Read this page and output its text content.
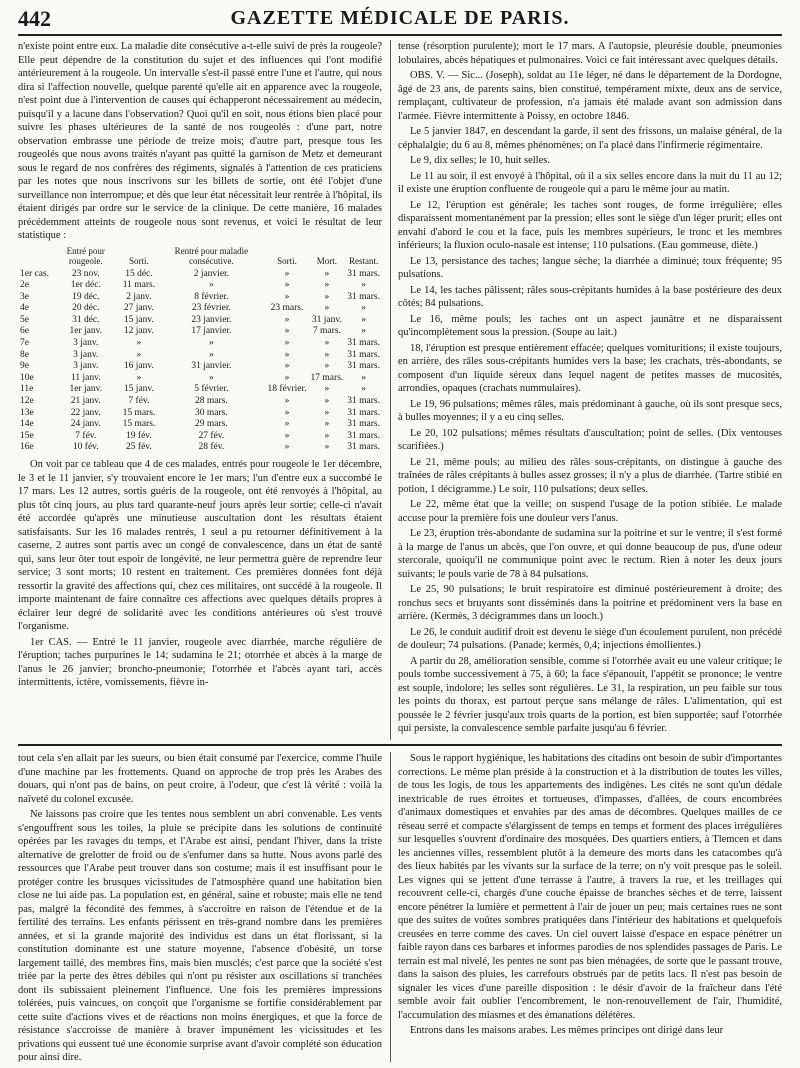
442	GAZETTE MÉDICALE DE PARIS.

n'existe point entre eux. La maladie dite consécutive a-t-elle suivi de près la rougeole? Elle peut dépendre de la constitution du sujet et des influences qui l'ont modifié antérieurement à la rougeole. Un intervalle s'est-il passé entre l'une et l'autre, qui nous dira si l'affection nouvelle, quelque parenté qu'elle ait en apparence avec la rougeole, n'est point due à l'intervention de causes qui échapperont nécessairement au médecin, puisqu'il y a lacune dans l'observation? Quoi qu'il en soit, nous étions bien placé pour suivre les phases ultérieures de la santé de nos rougeolés : d'une part, notre observation embrasse une période de treize mois; d'autre part, presque tous les rougeolés que nous avons traités n'ayant pas quitté la garnison de Metz et demeurant sous le regard de nos confrères des régiments, signalés à l'attention de ces praticiens par les notes que nous inscrivons sur les billets de sortie, ont été l'objet d'une surveillance non interrompue; et dès que leur état nécessitait leur rentrée à l'hôpital, ils étaient dirigés par ordre sur le service de la clinique. De cette manière, 16 malades précédemment atteints de rougeole nous sont revenus, et voici le résultat de leur statistique :

	Entré pour rougeole.	Sorti.	Rentré pour maladie consécutive.	Sorti.	Mort.	Restant.
1er cas.	23 nov.	15 déc.	2 janvier.	»	»	31 mars.
2e	1er déc.	11 mars.	»	»	»	»
3e	19 déc.	2 janv.	8 février.	»	»	31 mars.
4e	20 déc.	27 janv.	23 février.	23 mars.	»	»
5e	31 déc.	15 janv.	23 janvier.	»	31 janv.	»
6e	1er janv.	12 janv.	17 janvier.	»	7 mars.	»
7e	3 janv.	»	»	»	»	31 mars.
8e	3 janv.	»	»	»	»	31 mars.
9e	3 janv.	16 janv.	31 janvier.	»	»	31 mars.
10e	11 janv.	»	»	»	17 mars.	»
11e	1er janv.	15 janv.	5 février.	18 février.	»	»
12e	21 janv.	7 fév.	28 mars.	»	»	31 mars.
13e	22 janv.	15 mars.	30 mars.	»	»	31 mars.
14e	24 janv.	15 mars.	29 mars.	»	»	31 mars.
15e	7 fév.	19 fév.	27 fév.	»	»	31 mars.
16e	10 fév.	25 fév.	28 fév.	»	»	31 mars.

On voit par ce tableau que 4 de ces malades, entrés pour rougeole le 1er décembre, le 3 et le 11 janvier, s'y trouvaient encore le 1er mars; l'un d'entre eux a succombé le 17 mars. Les 12 autres, sortis guéris de la rougeole, ont été renvoyés à l'hôpital, au plus tôt cinq jours, au plus tard quarante-neuf jours après leur sortie; celle-ci n'avait été accordée qu'après une minutieuse auscultation dont les résultats étaient satisfaisants. Sur les 16 malades rentrés, 1 seul a pu retourner définitivement à la caserne, 2 autres sont partis avec un congé de convalescence, dans un état de santé qui, sans leur ôter tout espoir de longévité, ne leur permettra guère de reprendre leur service; 3 sont morts; 10 restent en traitement. Ces premières données font déjà ressortir la gravité des affections qui, chez ces militaires, ont succédé à la rougeole. Il importe maintenant de faire connaître ces affections avec quelques détails propres à éclairer leur degré de solidarité avec les conditions antérieures où s'est trouvé l'organisme.

1er CAS. — Entré le 11 janvier, rougeole avec diarrhée, marche régulière de l'éruption; taches purpurines le 14; sudamina le 21; otorrhée et abcès à la marge de l'anus le 26 janvier; broncho-pneumonie; l'otorrhée et l'abcès ayant tari, accès intermittents, ictère, vomissements, fièvre in-

tense (résorption purulente); mort le 17 mars. A l'autopsie, pleurésie double, pneumonies lobulaires, abcès hépatiques et pulmonaires. Voici ce fait intéressant avec quelques détails.

OBS. V. — Sic... (Joseph), soldat au 11e léger, né dans le département de la Dordogne, âgé de 23 ans, de parents sains, bien constitué, tempérament mixte, deux ans de service, remplaçant, cultivateur de profession, n'a jamais été malade avant son admission dans l'armée. Fièvre intermittente à Poissy, en octobre 1846.

Le 5 janvier 1847, en descendant la garde, il sent des frissons, un malaise général, de la céphalalgie; du 6 au 8, mêmes phénomènes; on l'a placé dans l'infirmerie régimentaire.

Le 9, dix selles; le 10, huit selles.

Le 11 au soir, il est envoyé à l'hôpital, où il a six selles encore dans la nuit du 11 au 12; il existe une éruption confluente de rougeole qui a paru le même jour au matin.

Le 12, l'éruption est générale; les taches sont rouges, de forme irrégulière; elles disparaissent momentanément par la pression; elles sont le siège d'un léger prurit; elles ont envahi d'abord le cou et la face, puis les membres supérieurs, le tronc et les membres inférieurs; la fluxion oculo-nasale est intense; 110 pulsations. (Eau gommeuse, diète.)

Le 13, persistance des taches; langue sèche; la diarrhée a diminué; toux fréquente; 95 pulsations.

Le 14, les taches pâlissent; râles sous-crépitants humides à la base postérieure des deux côtés; 84 pulsations.

Le 16, même pouls; les taches ont un aspect jaunâtre et ne disparaissent qu'incomplètement sous la pression. (Soupe au lait.)

18, l'éruption est presque entièrement effacée; quelques vomituritions; il existe toujours, en arrière, des râles sous-crépitants humides vers la base; les crachats, très-abondants, se composent d'un liquide séreux dans lequel nagent de petites masses de mucosités, arrondies, opaques (crachats nummulaires).

Le 19, 96 pulsations; mêmes râles, mais prédominant à gauche, où ils sont presque secs, à bulles moyennes; il y a eu cinq selles.

Le 20, 102 pulsations; mêmes résultats d'auscultation; point de selles. (Dix ventouses scarifiées.)

Le 21, même pouls; au milieu des râles sous-crépitants, on distingue à gauche des traînées de râles crépitants à bulles assez grosses; il n'y a plus de diarrhée. (Tartre stibié en potion, 1 décigramme.) Le soir, 110 pulsations; deux selles.

Le 22, même état que la veille; on suspend l'usage de la potion stibiée. Le malade accuse pour la première fois une douleur vers l'anus.

Le 23, éruption très-abondante de sudamina sur la poitrine et sur le ventre; il s'est formé à la marge de l'anus un abcès, que l'on ouvre, et qui donne beaucoup de pus, d'une odeur stercorale, quoiqu'il ne communique point avec le rectum. Rien à noter les deux jours suivants; le pouls varie de 78 à 84 pulsations.

Le 25, 90 pulsations; le bruit respiratoire est diminué postérieurement à droite; des ronchus secs et bruyants sont disséminés dans la poitrine et prédominent vers la base en arrière. (Kermès, 3 décigrammes dans un looch.)

Le 26, le conduit auditif droit est devenu le siège d'un écoulement purulent, non précédé de douleur; 74 pulsations. (Panade; kermès, 0,4; injections émollientes.)

A partir du 28, amélioration sensible, comme si l'otorrhée avait eu une valeur critique; le pouls tombe successivement à 75, à 60; la face s'épanouit, l'appétit se prononce; le ventre est souple, indolore; les selles sont régulières. Le 31, la respiration, un peu faible sur tous les points du thorax, est partout perçue sans mélange de râles. L'alimentation, qui est poussée le 2 février jusqu'aux trois quarts de la portion, est bien supportée; sauf l'otorrhée qui persiste, la convalescence semble parfaite jusqu'au 6 février.

tout cela s'en allait par les sueurs, ou bien était consumé par l'exercice, comme l'huile d'une machine par les frottements. Quand on approche de trop près les Arabes des douars, qui n'ont pas de bains, on peut croire, à l'odeur, que c'est là vérité : voilà la naïveté du colonel excusée.

Ne laissons pas croire que les tentes nous semblent un abri convenable. Les vents s'engouffrent sous les toiles, la pluie se précipite dans les solutions de continuité opérées par les ravages du temps, et l'Arabe est ainsi, pendant l'hiver, dans la triste alternative de grelotter de froid ou de s'enfumer dans sa hutte. Nous avons parlé des ressources que l'Arabe peut trouver dans son costume; mais il est insuffisant pour le protéger contre les brusques vicissitudes de l'atmosphère quand une habitation bien close ne lui aide pas. La population est, en général, saine et robuste; mais elle ne tend pas, malgré la fécondité des femmes, à s'accroître en raison de l'étendue et de la fertilité des terrains. Les enfants périssent en très-grand nombre dans les premières années, et si la grande majorité des individus est dans un état florissant, si la constitution dominante est une stature moyenne, l'absence d'obésité, un torse largement taillé, des membres fins, mais bien musclés; c'est parce que la société s'est triée par la perte des êtres débiles qui n'ont pu résister aux oscillations si tranchées dont ils subissaient pleinement l'influence. Une fois les premières impressions tolérées, puis vaincues, on conçoit que l'organisme se fortifie considérablement par cette suite d'actions vives et de réactions non moins énergiques, et que la force de résistance s'accroisse de manière à braver impunément les vicissitudes et les privations qui eussent tué une économie surprise avant d'avoir complété son éducation pour ainsi dire.

Sous le rapport hygiénique, les habitations des citadins ont besoin de subir d'importantes corrections. Le même plan préside à la construction et à la distribution de toutes les villes, de tous les logis, de tous les appartements des indigènes. Les cités ne sont qu'un dédale inextricable de rues étroites et tortueuses, d'impasses, d'allées, de cours encombrées d'animaux domestiques et envahies par des amas de décombres. Quelques mailles de ce réseau serré et compacte s'élargissent de temps en temps et forment des places irrégulières sur lesquelles s'ouvrent d'ordinaire des mosquées. Des quartiers entiers, à Tlemcen et dans les anciennes villes, ressemblent plutôt à la demeure des morts dans les catacombes qu'à des lieux habités par les vivants sur la surface de la terre; on n'y voit presque pas le soleil. Les vignes qui se jettent d'une terrasse à l'autre, à travers la rue, et les treillages qui recouvrent celle-ci, chargés d'une couche épaisse de branches sèches et de terre, laissent encore pénétrer la lumière et permettent à l'air de jouer un peu; mais certaines rues ne sont que des suites de voûtes sombres pratiquées dans l'intérieur des habitations et quelquefois creusées en terre comme des caves. Un ciel ouvert laisse d'espace en espace pénétrer un faible rayon dans ces barbares et informes parodies de nos splendides passages de Paris. Le terrain est mal nivelé, les pentes ne sont pas bien ménagées, de sorte que le passant trouve, dans la saison des pluies, les carrefours obstrués par de petits lacs. Il n'est pas besoin de signaler les vices d'une pareille disposition : le désir d'avoir de la fraîcheur dans l'été semble avoir fait oublier l'encombrement, le non-renouvellement de l'air, l'humidité, l'accumulation des miasmes et des émanations délétères.

Entrons dans les maisons arabes. Les mêmes principes ont dirigé dans leur
